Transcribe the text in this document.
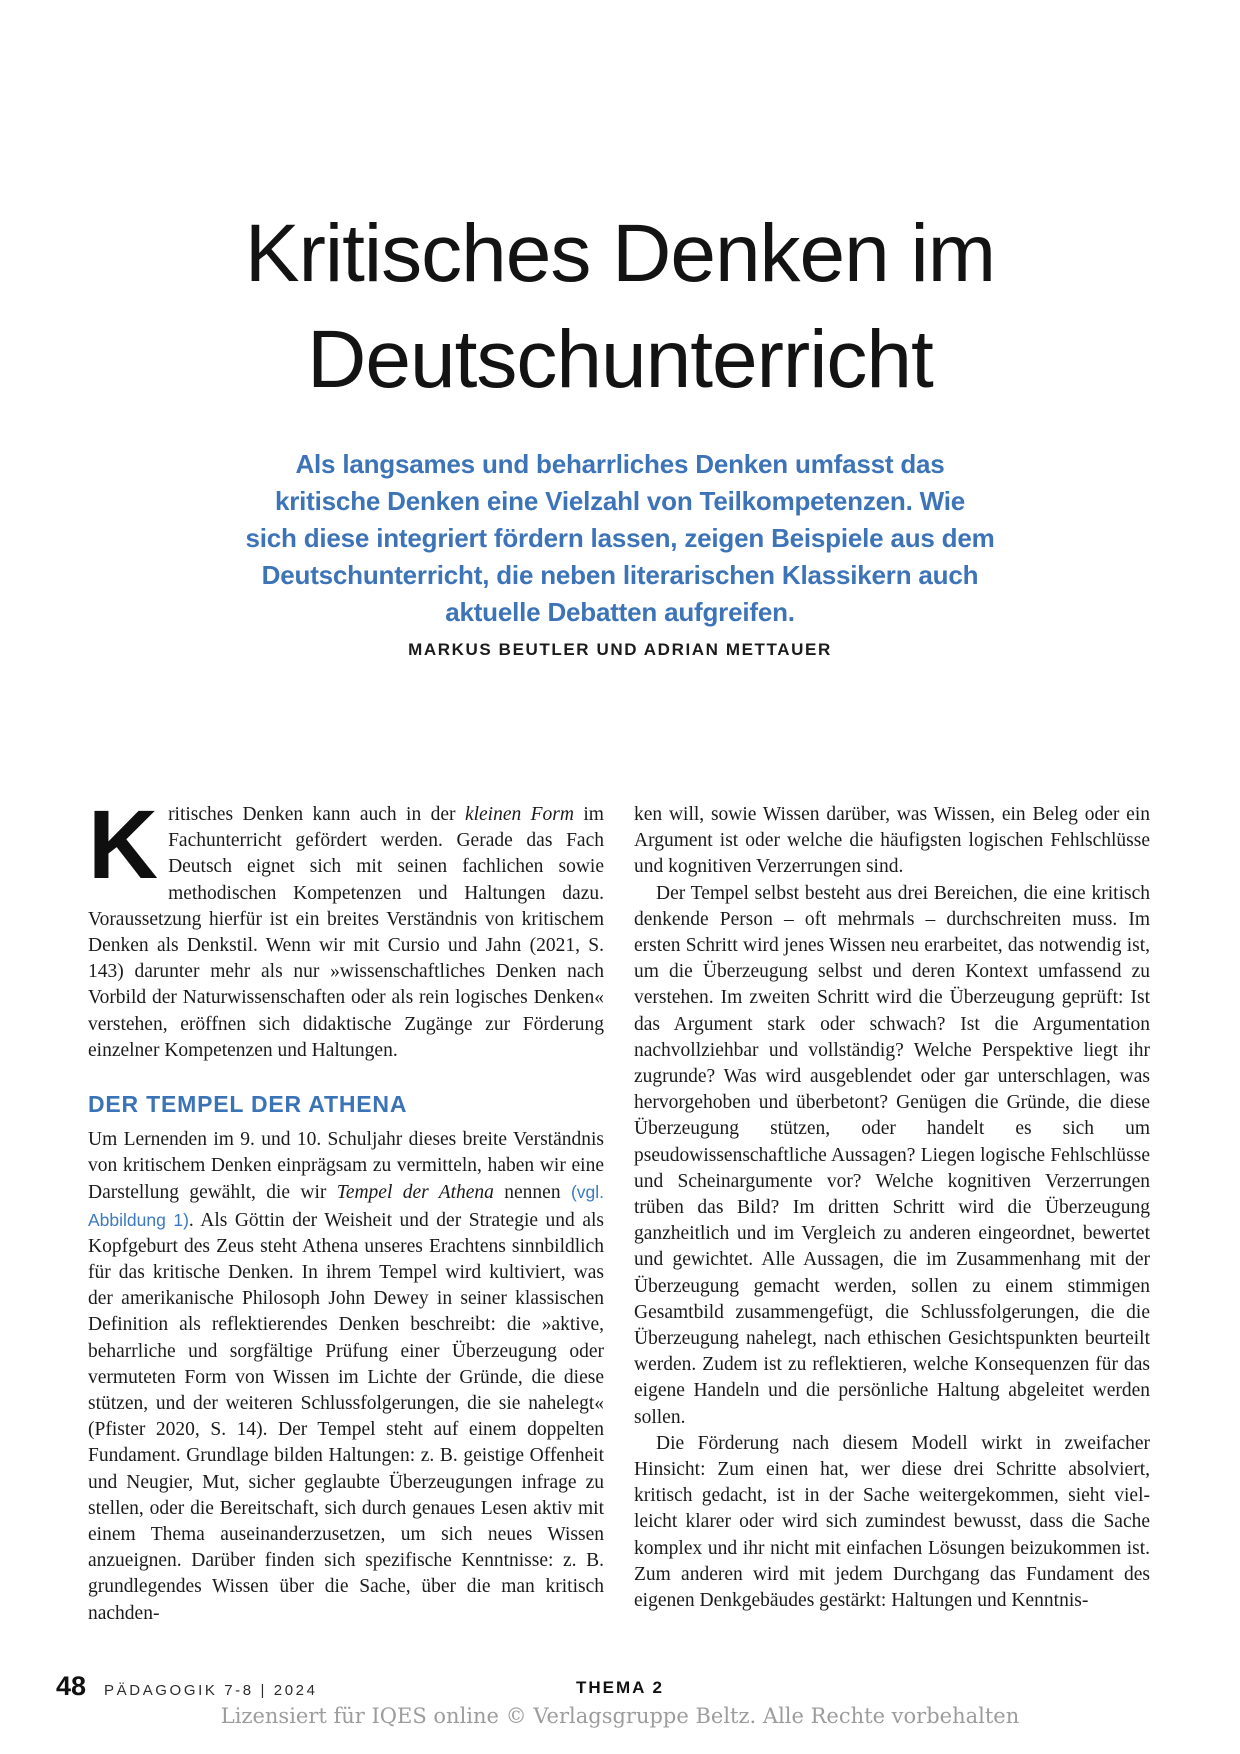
Kritisches Denken im
Deutschunterricht

Als langsames und beharrliches Denken umfasst das
kritische Denken eine Vielzahl von Teilkompetenzen. Wie
sich diese integriert fördern lassen, zeigen Beispiele aus dem
Deutschunterricht, die neben literarischen Klassikern auch
aktuelle Debatten aufgreifen.

MARKUS BEUTLER UND ADRIAN METTAUER

Kritisches Denken kann auch in der kleinen Form im Fachunterricht gefördert werden. Gerade das Fach Deutsch eignet sich mit seinen fachlichen sowie methodischen Kompetenzen und Haltungen dazu. Voraussetzung hierfür ist ein breites Verständnis von kritischem Denken als Denkstil. Wenn wir mit Cursio und Jahn (2021, S. 143) darunter mehr als nur »wissenschaftliches Denken nach Vorbild der Naturwissenschaften oder als rein logisches Denken« verstehen, eröffnen sich didaktische Zugänge zur Förderung einzelner Kompetenzen und Haltungen.

DER TEMPEL DER ATHENA

Um Lernenden im 9. und 10. Schuljahr dieses breite Verständnis von kritischem Denken einprägsam zu vermitteln, haben wir eine Darstellung gewählt, die wir Tempel der Athena nennen (vgl. Abbildung 1). Als Göttin der Weisheit und der Strategie und als Kopfgeburt des Zeus steht Athena unseres Erachtens sinnbildlich für das kritische Denken. In ihrem Tempel wird kultiviert, was der amerikanische Philosoph John Dewey in seiner klassischen Definition als reflektierendes Denken beschreibt: die »aktive, beharrliche und sorgfältige Prüfung einer Überzeugung oder vermuteten Form von Wissen im Lichte der Gründe, die diese stützen, und der weiteren Schlussfolgerungen, die sie nahelegt« (Pfister 2020, S. 14). Der Tempel steht auf einem doppelten Fundament. Grundlage bilden Haltungen: z. B. geistige Offenheit und Neugier, Mut, sicher geglaubte Überzeugungen infrage zu stellen, oder die Bereitschaft, sich durch genaues Lesen aktiv mit einem Thema auseinanderzusetzen, um sich neues Wissen anzueignen. Darüber finden sich spezifische Kenntnisse: z. B. grundlegendes Wissen über die Sache, über die man kritisch nachden-

ken will, sowie Wissen darüber, was Wissen, ein Beleg oder ein Argument ist oder welche die häufigsten logischen Fehlschlüsse und kognitiven Verzerrungen sind.

Der Tempel selbst besteht aus drei Bereichen, die eine kritisch denkende Person – oft mehrmals – durchschreiten muss. Im ersten Schritt wird jenes Wissen neu erarbeitet, das notwendig ist, um die Überzeugung selbst und deren Kontext umfassend zu verstehen. Im zweiten Schritt wird die Überzeugung geprüft: Ist das Argument stark oder schwach? Ist die Argumentation nachvollziehbar und vollständig? Welche Perspektive liegt ihr zugrunde? Was wird ausgeblendet oder gar unterschlagen, was hervorgehoben und überbetont? Genügen die Gründe, die diese Überzeugung stützen, oder handelt es sich um pseudowissenschaftliche Aussagen? Liegen logische Fehlschlüsse und Scheinargumente vor? Welche kognitiven Verzerrungen trüben das Bild? Im dritten Schritt wird die Überzeugung ganzheitlich und im Vergleich zu anderen eingeordnet, bewertet und gewichtet. Alle Aussagen, die im Zusammenhang mit der Überzeugung gemacht werden, sollen zu einem stimmigen Gesamtbild zusammengefügt, die Schlussfolgerungen, die die Überzeugung nahelegt, nach ethischen Gesichtspunkten beurteilt werden. Zudem ist zu reflektieren, welche Konsequenzen für das eigene Handeln und die persönliche Haltung abgeleitet werden sollen.

Die Förderung nach diesem Modell wirkt in zweifacher Hinsicht: Zum einen hat, wer diese drei Schritte absolviert, kritisch gedacht, ist in der Sache weitergekommen, sieht vielleicht klarer oder wird sich zumindest bewusst, dass die Sache komplex und ihr nicht mit einfachen Lösungen beizukommen ist. Zum anderen wird mit jedem Durchgang das Fundament des eigenen Denkgebäudes gestärkt: Haltungen und Kenntnis-

48 PÄDAGOGIK 7-8 | 2024	THEMA 2
Lizensiert für IQES online © Verlagsgruppe Beltz. Alle Rechte vorbehalten
